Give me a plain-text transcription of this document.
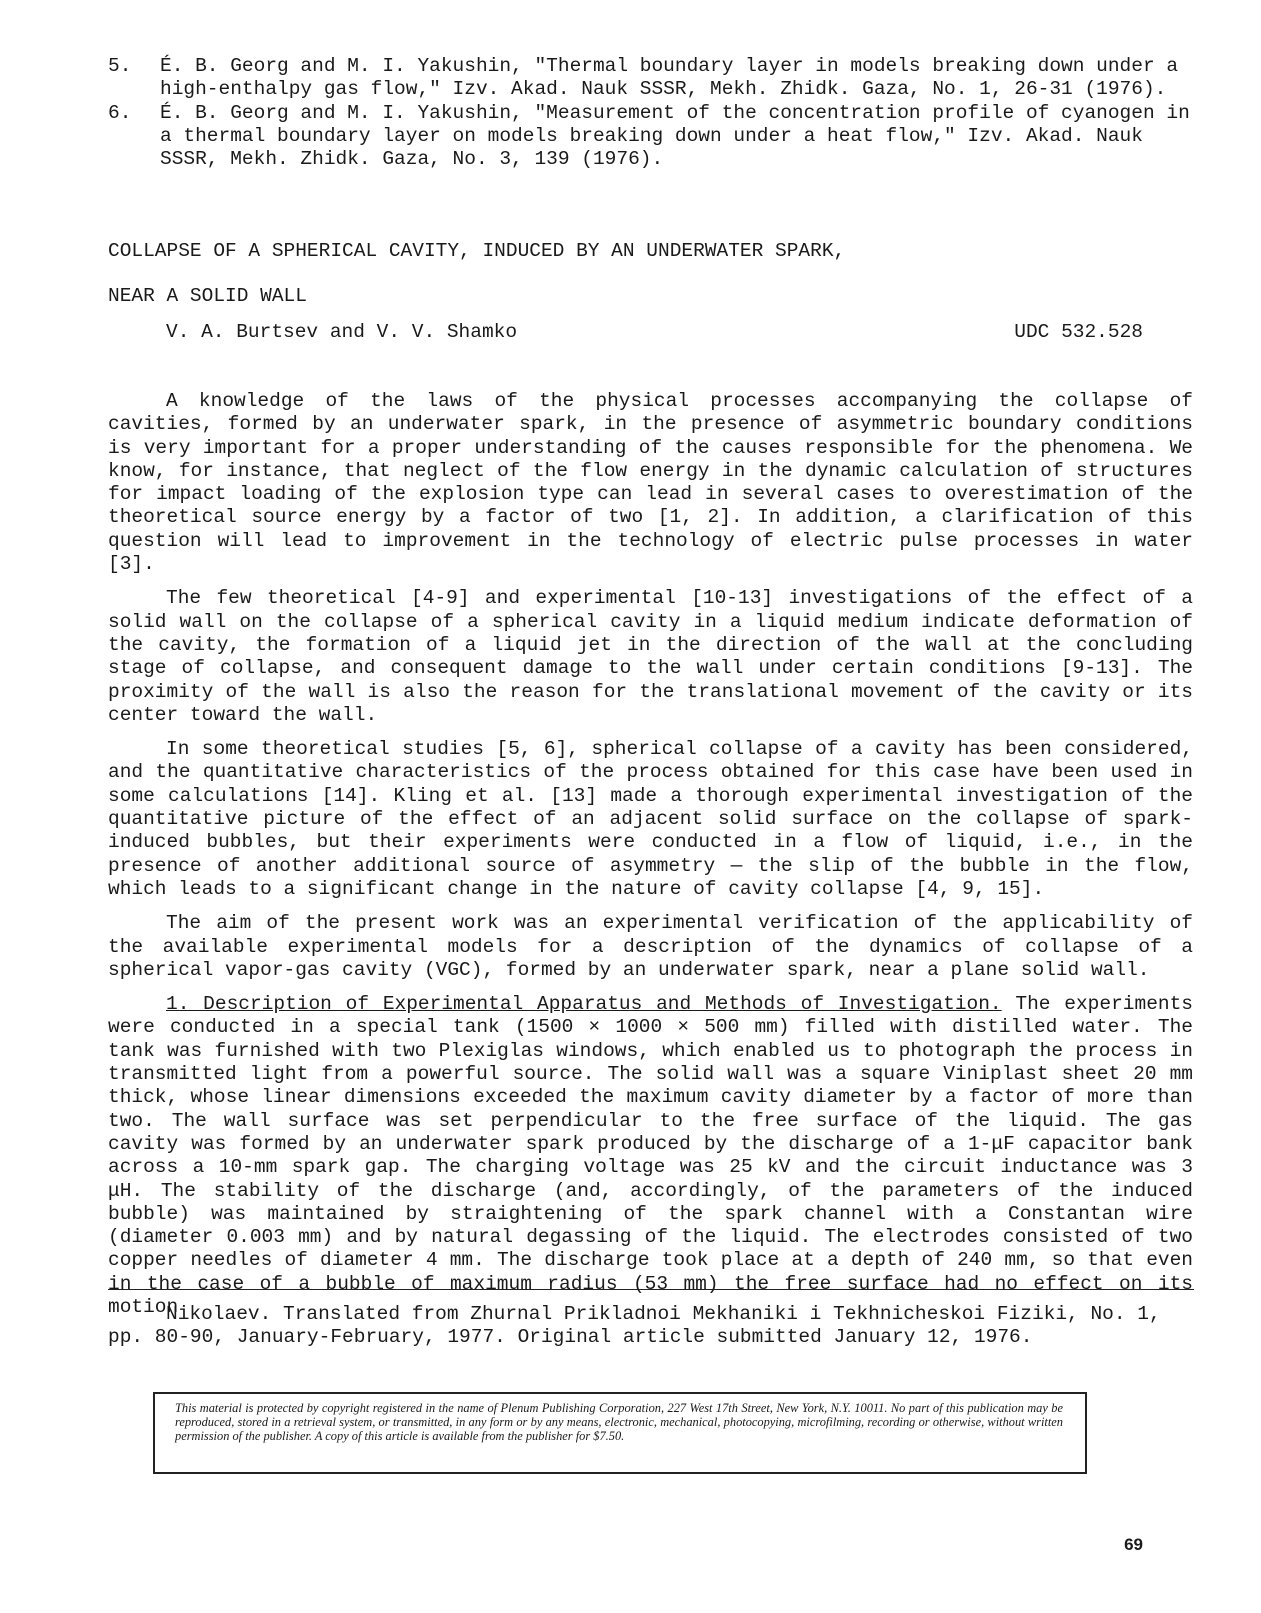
5. É. B. Georg and M. I. Yakushin, "Thermal boundary layer in models breaking down under a high-enthalpy gas flow," Izv. Akad. Nauk SSSR, Mekh. Zhidk. Gaza, No. 1, 26-31 (1976).

6. É. B. Georg and M. I. Yakushin, "Measurement of the concentration profile of cyanogen in a thermal boundary layer on models breaking down under a heat flow," Izv. Akad. Nauk SSSR, Mekh. Zhidk. Gaza, No. 3, 139 (1976).

COLLAPSE OF A SPHERICAL CAVITY, INDUCED BY AN UNDERWATER SPARK,
NEAR A SOLID WALL
V. A. Burtsev and V. V. Shamko	UDC 532.528

A knowledge of the laws of the physical processes accompanying the collapse of cavities, formed by an underwater spark, in the presence of asymmetric boundary conditions is very important for a proper understanding of the causes responsible for the phenomena. We know, for instance, that neglect of the flow energy in the dynamic calculation of structures for impact loading of the explosion type can lead in several cases to overestimation of the theoretical source energy by a factor of two [1, 2]. In addition, a clarification of this question will lead to improvement in the technology of electric pulse processes in water [3].

The few theoretical [4-9] and experimental [10-13] investigations of the effect of a solid wall on the collapse of a spherical cavity in a liquid medium indicate deformation of the cavity, the formation of a liquid jet in the direction of the wall at the concluding stage of collapse, and consequent damage to the wall under certain conditions [9-13]. The proximity of the wall is also the reason for the translational movement of the cavity or its center toward the wall.

In some theoretical studies [5, 6], spherical collapse of a cavity has been considered, and the quantitative characteristics of the process obtained for this case have been used in some calculations [14]. Kling et al. [13] made a thorough experimental investigation of the quantitative picture of the effect of an adjacent solid surface on the collapse of spark-induced bubbles, but their experiments were conducted in a flow of liquid, i.e., in the presence of another additional source of asymmetry — the slip of the bubble in the flow, which leads to a significant change in the nature of cavity collapse [4, 9, 15].

The aim of the present work was an experimental verification of the applicability of the available experimental models for a description of the dynamics of collapse of a spherical vapor-gas cavity (VGC), formed by an underwater spark, near a plane solid wall.

1. Description of Experimental Apparatus and Methods of Investigation. The experiments were conducted in a special tank (1500 × 1000 × 500 mm) filled with distilled water. The tank was furnished with two Plexiglas windows, which enabled us to photograph the process in transmitted light from a powerful source. The solid wall was a square Viniplast sheet 20 mm thick, whose linear dimensions exceeded the maximum cavity diameter by a factor of more than two. The wall surface was set perpendicular to the free surface of the liquid. The gas cavity was formed by an underwater spark produced by the discharge of a 1-μF capacitor bank across a 10-mm spark gap. The charging voltage was 25 kV and the circuit inductance was 3 μH. The stability of the discharge (and, accordingly, of the parameters of the induced bubble) was maintained by straightening of the spark channel with a Constantan wire (diameter 0.003 mm) and by natural degassing of the liquid. The electrodes consisted of two copper needles of diameter 4 mm. The discharge took place at a depth of 240 mm, so that even in the case of a bubble of maximum radius (53 mm) the free surface had no effect on its motion

Nikolaev. Translated from Zhurnal Prikladnoi Mekhaniki i Tekhnicheskoi Fiziki, No. 1, pp. 80-90, January-February, 1977. Original article submitted January 12, 1976.
This material is protected by copyright registered in the name of Plenum Publishing Corporation, 227 West 17th Street, New York, N.Y. 10011. No part of this publication may be reproduced, stored in a retrieval system, or transmitted, in any form or by any means, electronic, mechanical, photocopying, microfilming, recording or otherwise, without written permission of the publisher. A copy of this article is available from the publisher for $7.50.
69
